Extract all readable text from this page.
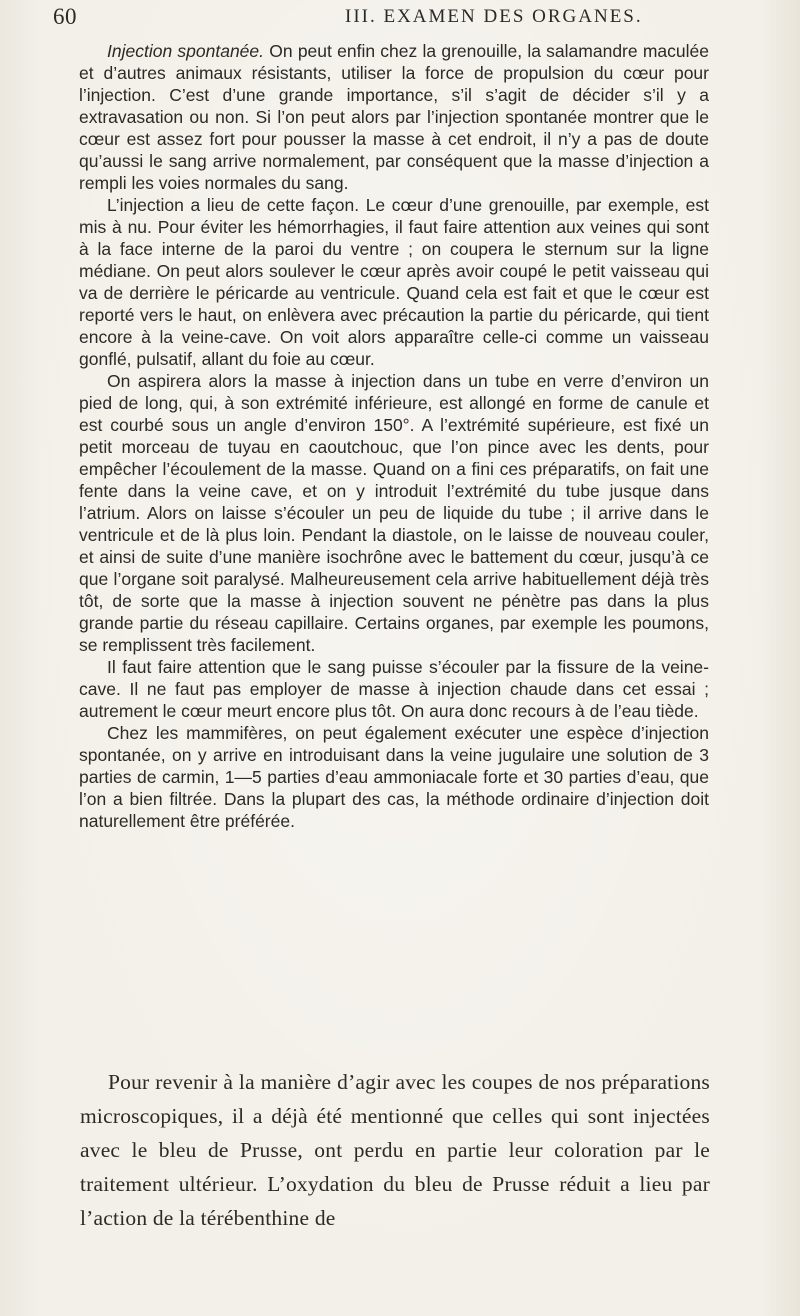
60	III. EXAMEN DES ORGANES.

Injection spontanée. On peut enfin chez la grenouille, la salamandre maculée et d’autres animaux résistants, utiliser la force de propulsion du cœur pour l’injection. C’est d’une grande importance, s’il s’agit de décider s’il y a extravasation ou non. Si l’on peut alors par l’injection spontanée montrer que le cœur est assez fort pour pousser la masse à cet endroit, il n’y a pas de doute qu’aussi le sang arrive normalement, par conséquent que la masse d’injection a rempli les voies normales du sang.

L’injection a lieu de cette façon. Le cœur d’une grenouille, par exemple, est mis à nu. Pour éviter les hémorrhagies, il faut faire attention aux veines qui sont à la face interne de la paroi du ventre ; on coupera le sternum sur la ligne médiane. On peut alors soulever le cœur après avoir coupé le petit vaisseau qui va de derrière le péricarde au ventricule. Quand cela est fait et que le cœur est reporté vers le haut, on enlèvera avec précaution la partie du péricarde, qui tient encore à la veine-cave. On voit alors apparaître celle-ci comme un vaisseau gonflé, pulsatif, allant du foie au cœur.

On aspirera alors la masse à injection dans un tube en verre d’environ un pied de long, qui, à son extrémité inférieure, est allongé en forme de canule et est courbé sous un angle d’environ 150°. A l’extrémité supérieure, est fixé un petit morceau de tuyau en caoutchouc, que l’on pince avec les dents, pour empêcher l’écoulement de la masse. Quand on a fini ces préparatifs, on fait une fente dans la veine cave, et on y introduit l’extrémité du tube jusque dans l’atrium. Alors on laisse s’écouler un peu de liquide du tube ; il arrive dans le ventricule et de là plus loin. Pendant la diastole, on le laisse de nouveau couler, et ainsi de suite d’une manière isochrône avec le battement du cœur, jusqu’à ce que l’organe soit paralysé. Malheureusement cela arrive habituellement déjà très tôt, de sorte que la masse à injection souvent ne pénètre pas dans la plus grande partie du réseau capillaire. Certains organes, par exemple les poumons, se remplissent très facilement.

Il faut faire attention que le sang puisse s’écouler par la fissure de la veine-cave. Il ne faut pas employer de masse à injection chaude dans cet essai ; autrement le cœur meurt encore plus tôt. On aura donc recours à de l’eau tiède.

Chez les mammifères, on peut également exécuter une espèce d’injection spontanée, on y arrive en introduisant dans la veine jugulaire une solution de 3 parties de carmin, 1—5 parties d’eau ammoniacale forte et 30 parties d’eau, que l’on a bien filtrée. Dans la plupart des cas, la méthode ordinaire d’injection doit naturellement être préférée.

Pour revenir à la manière d’agir avec les coupes de nos préparations microscopiques, il a déjà été mentionné que celles qui sont injectées avec le bleu de Prusse, ont perdu en partie leur coloration par le traitement ultérieur. L’oxydation du bleu de Prusse réduit a lieu par l’action de la térébenthine de
